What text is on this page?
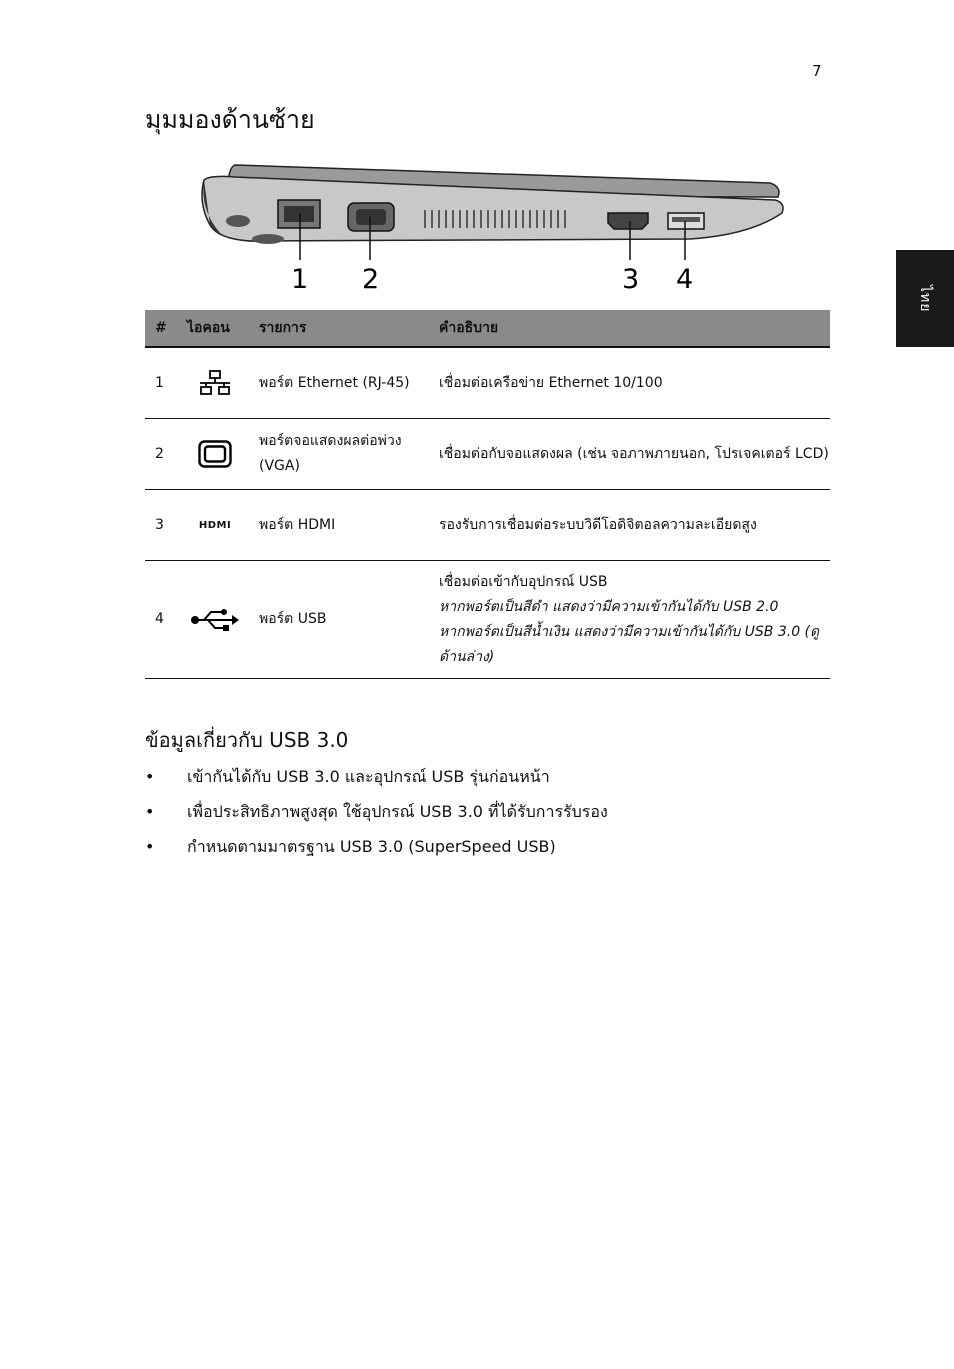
7
ไทย
มุมมองด้านซ้าย
1 2	3 4
#	ไอคอน	รายการ	คำอธิบาย
1		พอร์ต Ethernet (RJ-45)	เชื่อมต่อเครือข่าย Ethernet 10/100
2		พอร์ตจอแสดงผลต่อพ่วง (VGA)	เชื่อมต่อกับจอแสดงผล (เช่น จอภาพภายนอก, โปรเจคเตอร์ LCD)
3	HDMI	พอร์ต HDMI	รองรับการเชื่อมต่อระบบวิดีโอดิจิตอลความละเอียดสูง
4		พอร์ต USB	เชื่อมต่อเข้ากับอุปกรณ์ USB
หากพอร์ตเป็นสีดำ แสดงว่ามีความเข้ากันได้กับ USB 2.0
หากพอร์ตเป็นสีน้ำเงิน แสดงว่ามีความเข้ากันได้กับ USB 3.0 (ดูด้านล่าง)
ข้อมูลเกี่ยวกับ USB 3.0
• เข้ากันได้กับ USB 3.0 และอุปกรณ์ USB รุ่นก่อนหน้า
• เพื่อประสิทธิภาพสูงสุด ใช้อุปกรณ์ USB 3.0 ที่ได้รับการรับรอง
• กำหนดตามมาตรฐาน USB 3.0 (SuperSpeed USB)
